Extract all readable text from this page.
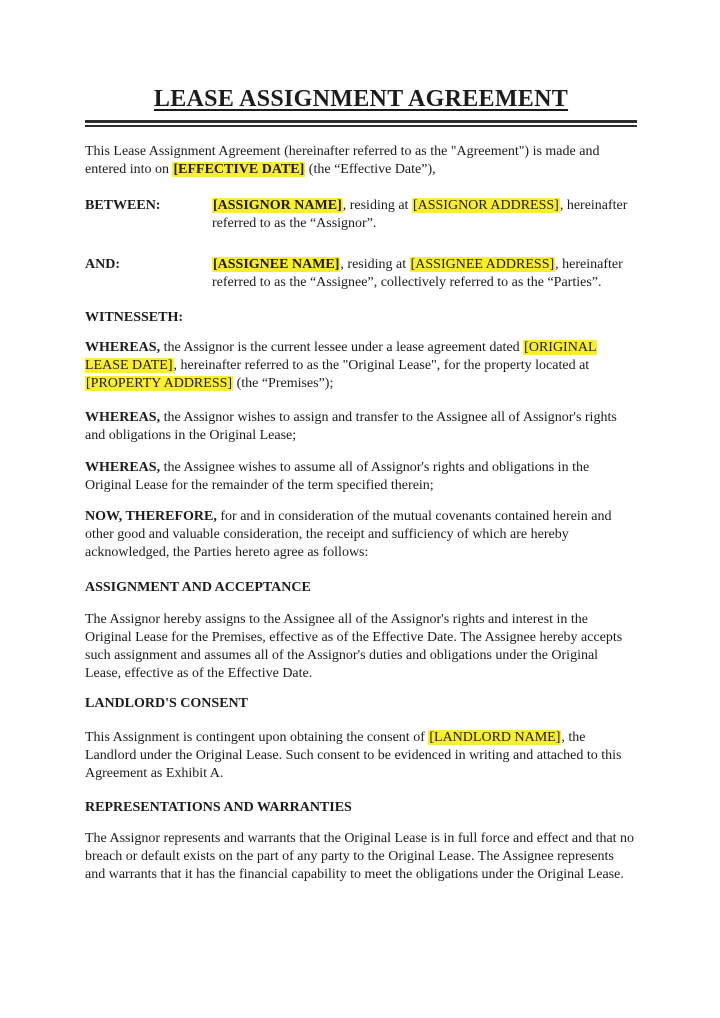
LEASE ASSIGNMENT AGREEMENT

This Lease Assignment Agreement (hereinafter referred to as the "Agreement") is made and entered into on [EFFECTIVE DATE] (the “Effective Date”),

BETWEEN:	[ASSIGNOR NAME], residing at [ASSIGNOR ADDRESS], hereinafter referred to as the “Assignor”.
AND:	[ASSIGNEE NAME], residing at [ASSIGNEE ADDRESS], hereinafter referred to as the “Assignee”, collectively referred to as the “Parties”.
WITNESSETH:

WHEREAS, the Assignor is the current lessee under a lease agreement dated [ORIGINAL LEASE DATE], hereinafter referred to as the "Original Lease", for the property located at [PROPERTY ADDRESS] (the “Premises”);

WHEREAS, the Assignor wishes to assign and transfer to the Assignee all of Assignor's rights and obligations in the Original Lease;

WHEREAS, the Assignee wishes to assume all of Assignor's rights and obligations in the Original Lease for the remainder of the term specified therein;

NOW, THEREFORE, for and in consideration of the mutual covenants contained herein and other good and valuable consideration, the receipt and sufficiency of which are hereby acknowledged, the Parties hereto agree as follows:

ASSIGNMENT AND ACCEPTANCE

The Assignor hereby assigns to the Assignee all of the Assignor's rights and interest in the Original Lease for the Premises, effective as of the Effective Date. The Assignee hereby accepts such assignment and assumes all of the Assignor's duties and obligations under the Original Lease, effective as of the Effective Date.

LANDLORD'S CONSENT

This Assignment is contingent upon obtaining the consent of [LANDLORD NAME], the Landlord under the Original Lease. Such consent to be evidenced in writing and attached to this Agreement as Exhibit A.

REPRESENTATIONS AND WARRANTIES

The Assignor represents and warrants that the Original Lease is in full force and effect and that no breach or default exists on the part of any party to the Original Lease. The Assignee represents and warrants that it has the financial capability to meet the obligations under the Original Lease.
